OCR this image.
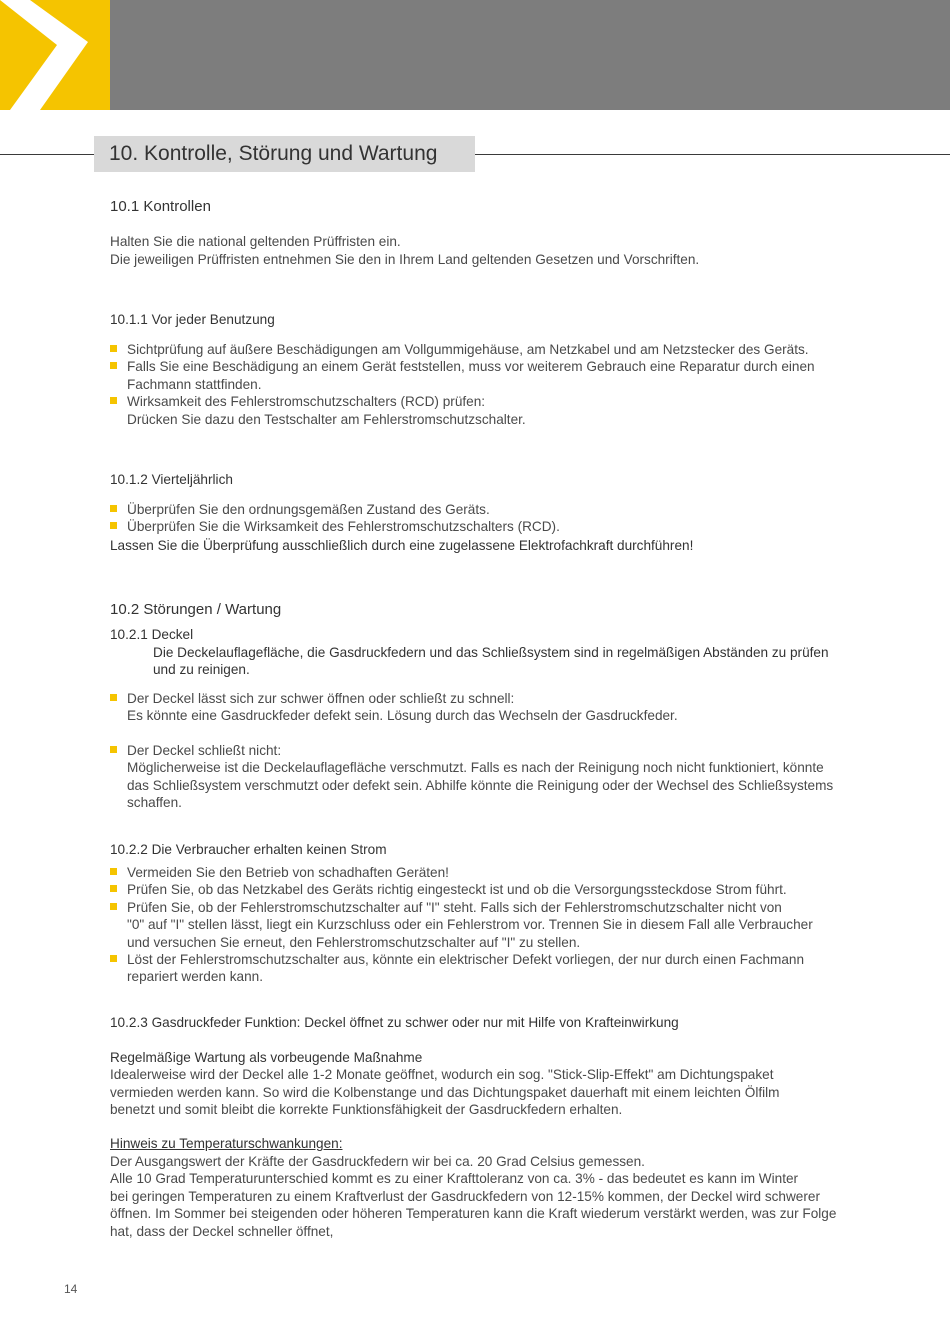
10. Kontrolle, Störung und Wartung

10.1 Kontrollen

Halten Sie die national geltenden Prüffristen ein.

Die jeweiligen Prüffristen entnehmen Sie den in Ihrem Land geltenden Gesetzen und Vorschriften.

10.1.1 Vor jeder Benutzung

Sichtprüfung auf äußere Beschädigungen am Vollgummigehäuse, am Netzkabel und am Netzstecker des Geräts.
Falls Sie eine Beschädigung an einem Gerät feststellen, muss vor weiterem Gebrauch eine Reparatur durch einen
Fachmann stattfinden.
Wirksamkeit des Fehlerstromschutzschalters (RCD) prüfen:
Drücken Sie dazu den Testschalter am Fehlerstromschutzschalter.

10.1.2 Vierteljährlich

Überprüfen Sie den ordnungsgemäßen Zustand des Geräts.
Überprüfen Sie die Wirksamkeit des Fehlerstromschutzschalters (RCD).

Lassen Sie die Überprüfung ausschließlich durch eine zugelassene Elektrofachkraft durchführen!

10.2 Störungen / Wartung

10.2.1 Deckel

Die Deckelauflagefläche, die Gasdruckfedern und das Schließsystem sind in regelmäßigen Abständen zu prüfen

und zu reinigen.

Der Deckel lässt sich zur schwer öffnen oder schließt zu schnell:
Es könnte eine Gasdruckfeder defekt sein. Lösung durch das Wechseln der Gasdruckfeder.
Der Deckel schließt nicht:
Möglicherweise ist die Deckelauflagefläche verschmutzt. Falls es nach der Reinigung noch nicht funktioniert, könnte
das Schließsystem verschmutzt oder defekt sein. Abhilfe könnte die Reinigung oder der Wechsel des Schließsystems
schaffen.

10.2.2 Die Verbraucher erhalten keinen Strom

Vermeiden Sie den Betrieb von schadhaften Geräten!
Prüfen Sie, ob das Netzkabel des Geräts richtig eingesteckt ist und ob die Versorgungssteckdose Strom führt.
Prüfen Sie, ob der Fehlerstromschutzschalter auf "I" steht. Falls sich der Fehlerstromschutzschalter nicht von
"0" auf "I" stellen lässt, liegt ein Kurzschluss oder ein Fehlerstrom vor. Trennen Sie in diesem Fall alle Verbraucher
und versuchen Sie erneut, den Fehlerstromschutzschalter auf "I" zu stellen.
Löst der Fehlerstromschutzschalter aus, könnte ein elektrischer Defekt vorliegen, der nur durch einen Fachmann
repariert werden kann.

10.2.3 Gasdruckfeder Funktion: Deckel öffnet zu schwer oder nur mit Hilfe von Krafteinwirkung

Regelmäßige Wartung als vorbeugende Maßnahme

Idealerweise wird der Deckel alle 1-2 Monate geöffnet, wodurch ein sog. "Stick-Slip-Effekt" am Dichtungspaket

vermieden werden kann. So wird die Kolbenstange und das Dichtungspaket dauerhaft mit einem leichten Ölfilm

benetzt und somit bleibt die korrekte Funktionsfähigkeit der Gasdruckfedern erhalten.

Hinweis zu Temperaturschwankungen:

Der Ausgangswert der Kräfte der Gasdruckfedern wir bei ca. 20 Grad Celsius gemessen.

Alle 10 Grad Temperaturunterschied kommt es zu einer Krafttoleranz von ca. 3% - das bedeutet es kann im Winter

bei geringen Temperaturen zu einem Kraftverlust der Gasdruckfedern von 12-15% kommen, der Deckel wird schwerer

öffnen. Im Sommer bei steigenden oder höheren Temperaturen kann die Kraft wiederum verstärkt werden, was zur Folge

hat, dass der Deckel schneller öffnet,

14
